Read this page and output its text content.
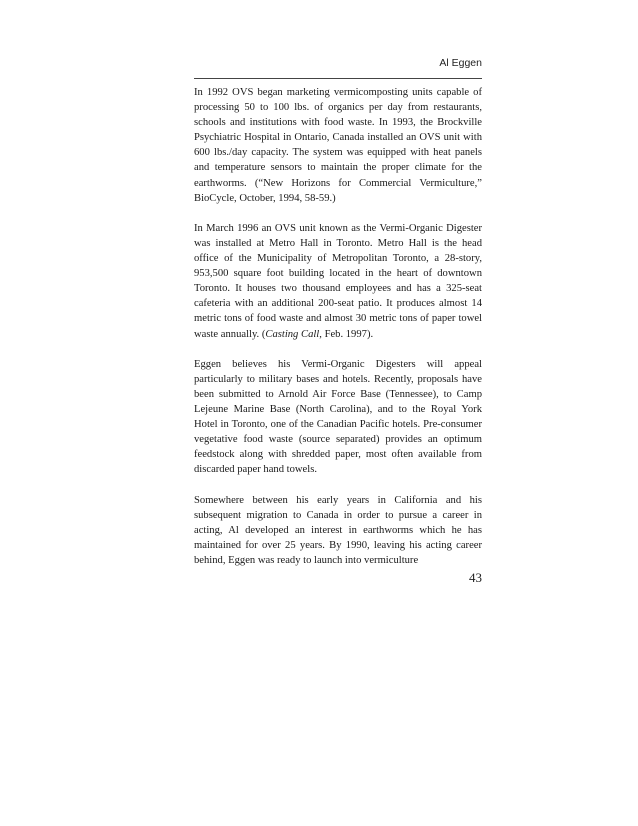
Al Eggen

In 1992 OVS began marketing vermicomposting units capable of processing 50 to 100 lbs. of organics per day from restaurants, schools and institutions with food waste. In 1993, the Brockville Psychiatric Hospital in Ontario, Canada installed an OVS unit with 600 lbs./day capacity. The system was equipped with heat panels and temperature sensors to maintain the proper climate for the earthworms. (“New Horizons for Commercial Vermiculture,” BioCycle, October, 1994, 58-59.)

In March 1996 an OVS unit known as the Vermi-Organic Digester was installed at Metro Hall in Toronto. Metro Hall is the head office of the Municipality of Metropolitan Toronto, a 28-story, 953,500 square foot building located in the heart of downtown Toronto. It houses two thousand employees and has a 325-seat cafeteria with an additional 200-seat patio. It produces almost 14 metric tons of food waste and almost 30 metric tons of paper towel waste annually. (Casting Call, Feb. 1997).

Eggen believes his Vermi-Organic Digesters will appeal particularly to military bases and hotels. Recently, proposals have been submitted to Arnold Air Force Base (Tennessee), to Camp Lejeune Marine Base (North Carolina), and to the Royal York Hotel in Toronto, one of the Canadian Pacific hotels. Pre-consumer vegetative food waste (source separated) provides an optimum feedstock along with shredded paper, most often available from discarded paper hand towels.

Somewhere between his early years in California and his subsequent migration to Canada in order to pursue a career in acting, Al developed an interest in earthworms which he has maintained for over 25 years. By 1990, leaving his acting career behind, Eggen was ready to launch into vermiculture

43
